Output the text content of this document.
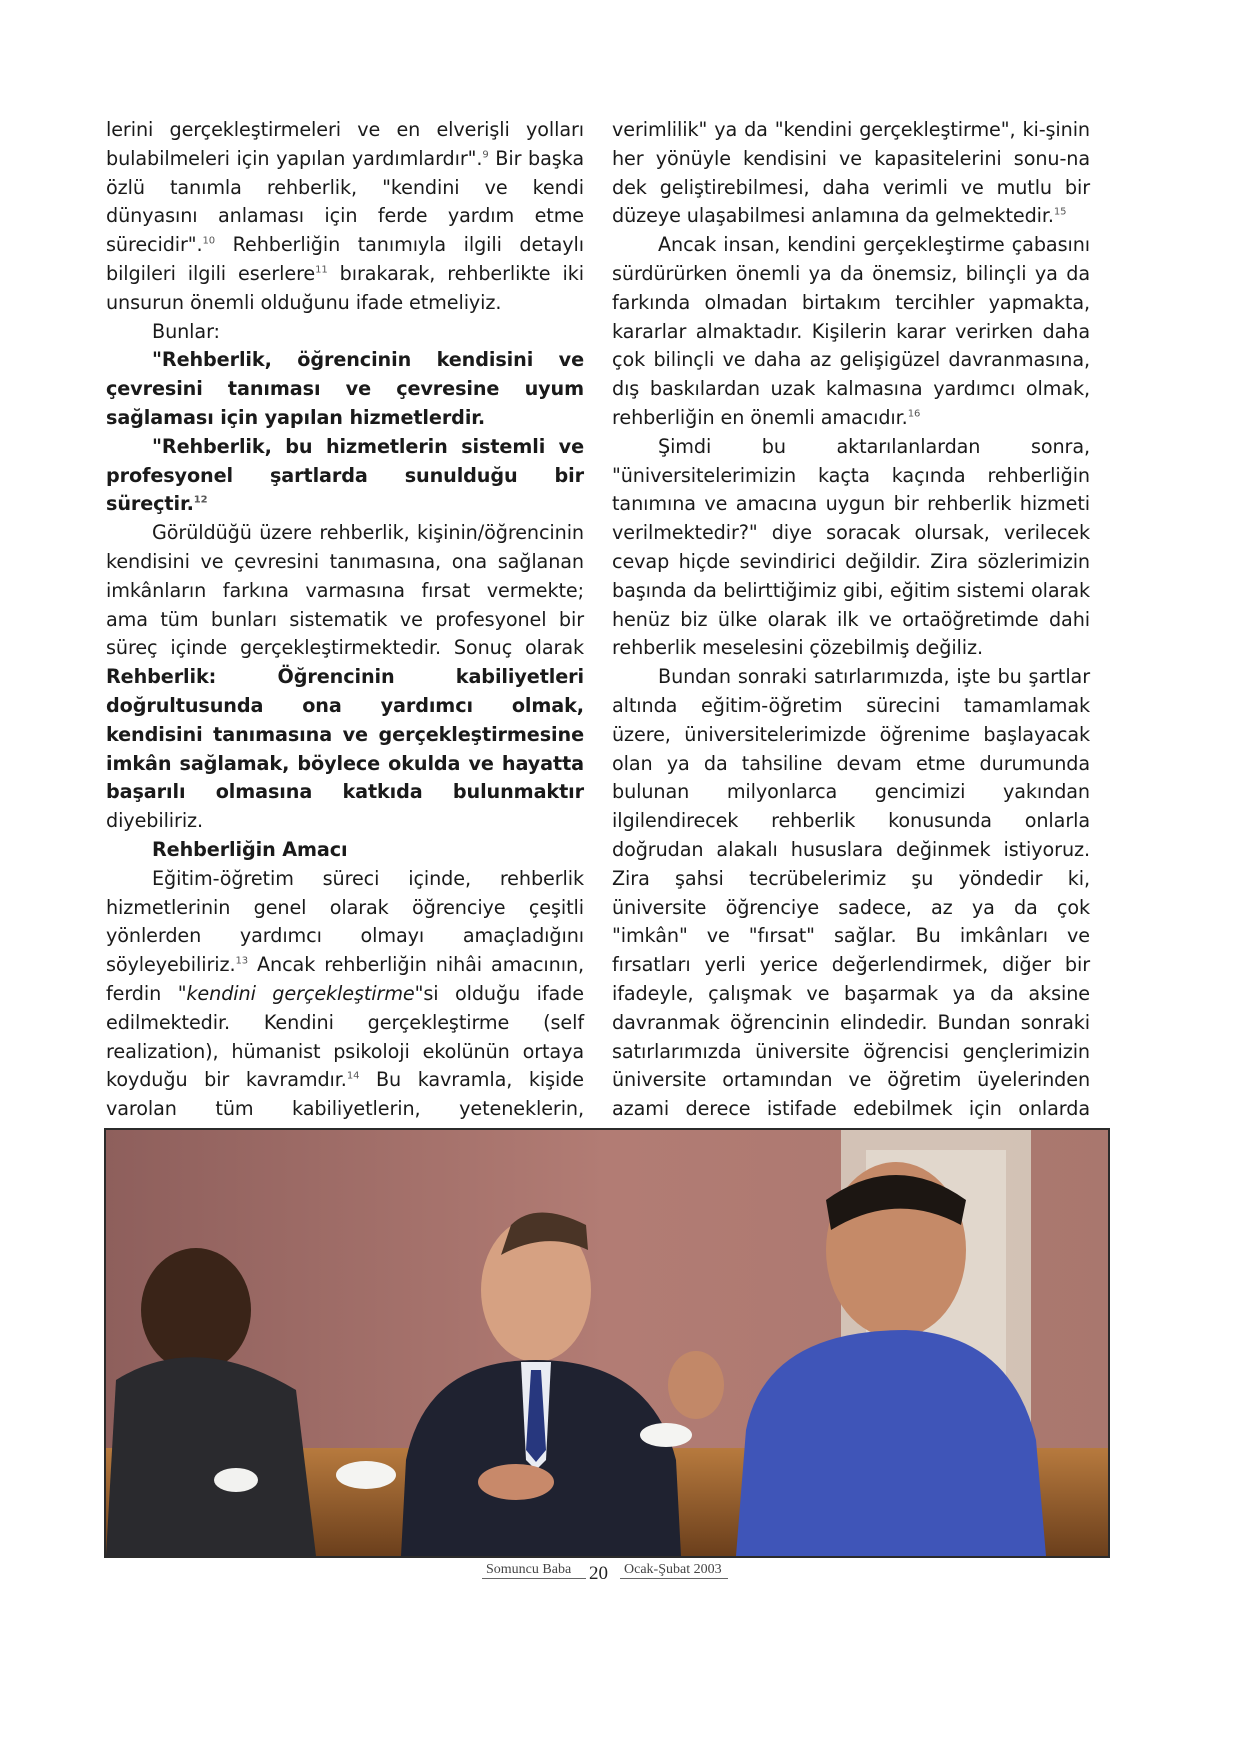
lerini gerçekleştirmeleri ve en elverişli yolları bulabilmeleri için yapılan yardımlardır".$^9$ Bir başka özlü tanımla rehberlik, "kendini ve kendi dünyasını anlaması için ferde yardım etme sürecidir".$^{10}$ Rehberliğin tanımıyla ilgili detaylı bilgileri ilgili eserlere$^{11}$ bırakarak, rehberlikte iki unsurun önemli olduğunu ifade etmeliyiz.

Bunlar:

"Rehberlik, öğrencinin kendisini ve çevresini tanıması ve çevresine uyum sağlaması için yapılan hizmetlerdir.

"Rehberlik, bu hizmetlerin sistemli ve profesyonel şartlarda sunulduğu bir süreçtir.$^{12}$

Görüldüğü üzere rehberlik, kişinin/öğrencinin kendisini ve çevresini tanımasına, ona sağlanan imkânların farkına varmasına fırsat vermekte; ama tüm bunları sistematik ve profesyonel bir süreç içinde gerçekleştirmektedir. Sonuç olarak Rehberlik: Öğrencinin kabiliyetleri doğrultusunda ona yardımcı olmak, kendisini tanımasına ve gerçekleştirmesine imkân sağlamak, böylece okulda ve hayatta başarılı olmasına katkıda bulunmaktır diyebiliriz.

Rehberliğin Amacı

Eğitim-öğretim süreci içinde, rehberlik hizmetlerinin genel olarak öğrenciye çeşitli yönlerden yardımcı olmayı amaçladığını söyleyebiliriz.$^{13}$ Ancak rehberliğin nihâi amacının, ferdin "kendini gerçekleştirme"si olduğu ifade edilmektedir. Kendini gerçekleştirme (self realization), hümanist psikoloji ekolünün ortaya koyduğu bir kavramdır.$^{14}$ Bu kavramla, kişide varolan tüm kabiliyetlerin, yeteneklerin,

verimlilik" ya da "kendini gerçekleştirme", ki-şinin her yönüyle kendisini ve kapasitelerini sonu-na dek geliştirebilmesi, daha verimli ve mutlu bir düzeye ulaşabilmesi anlamına da gelmektedir.$^{15}$

Ancak insan, kendini gerçekleştirme çabasını sürdürürken önemli ya da önemsiz, bilinçli ya da farkında olmadan birtakım tercihler yapmakta, kararlar almaktadır. Kişilerin karar verirken daha çok bilinçli ve daha az gelişigüzel davranmasına, dış baskılardan uzak kalmasına yardımcı olmak, rehberliğin en önemli amacıdır.$^{16}$

Şimdi bu aktarılanlardan sonra, "üniversitelerimizin kaçta kaçında rehberliğin tanımına ve amacına uygun bir rehberlik hizmeti verilmektedir?" diye soracak olursak, verilecek cevap hiçde sevindirici değildir. Zira sözlerimizin başında da belirttiğimiz gibi, eğitim sistemi olarak henüz biz ülke olarak ilk ve ortaöğretimde dahi rehberlik meselesini çözebilmiş değiliz.

Bundan sonraki satırlarımızda, işte bu şartlar altında eğitim-öğretim sürecini tamamlamak üzere, üniversitelerimizde öğrenime başlayacak olan ya da tahsiline devam etme durumunda bulunan milyonlarca gencimizi yakından ilgilendirecek rehberlik konusunda onlarla doğrudan alakalı hususlara değinmek istiyoruz. Zira şahsi tecrübelerimiz şu yöndedir ki, üniversite öğrenciye sadece, az ya da çok "imkân" ve "fırsat" sağlar. Bu imkânları ve fırsatları yerli yerice değerlendirmek, diğer bir ifadeyle, çalışmak ve başarmak ya da aksine davranmak öğrencinin elindedir. Bundan sonraki satırlarımızda üniversite öğrencisi gençlerimizin üniversite ortamından ve öğretim üyelerinden azami derece istifade edebilmek için onlarda

Somuncu Baba 20 Ocak-Şubat 2003
